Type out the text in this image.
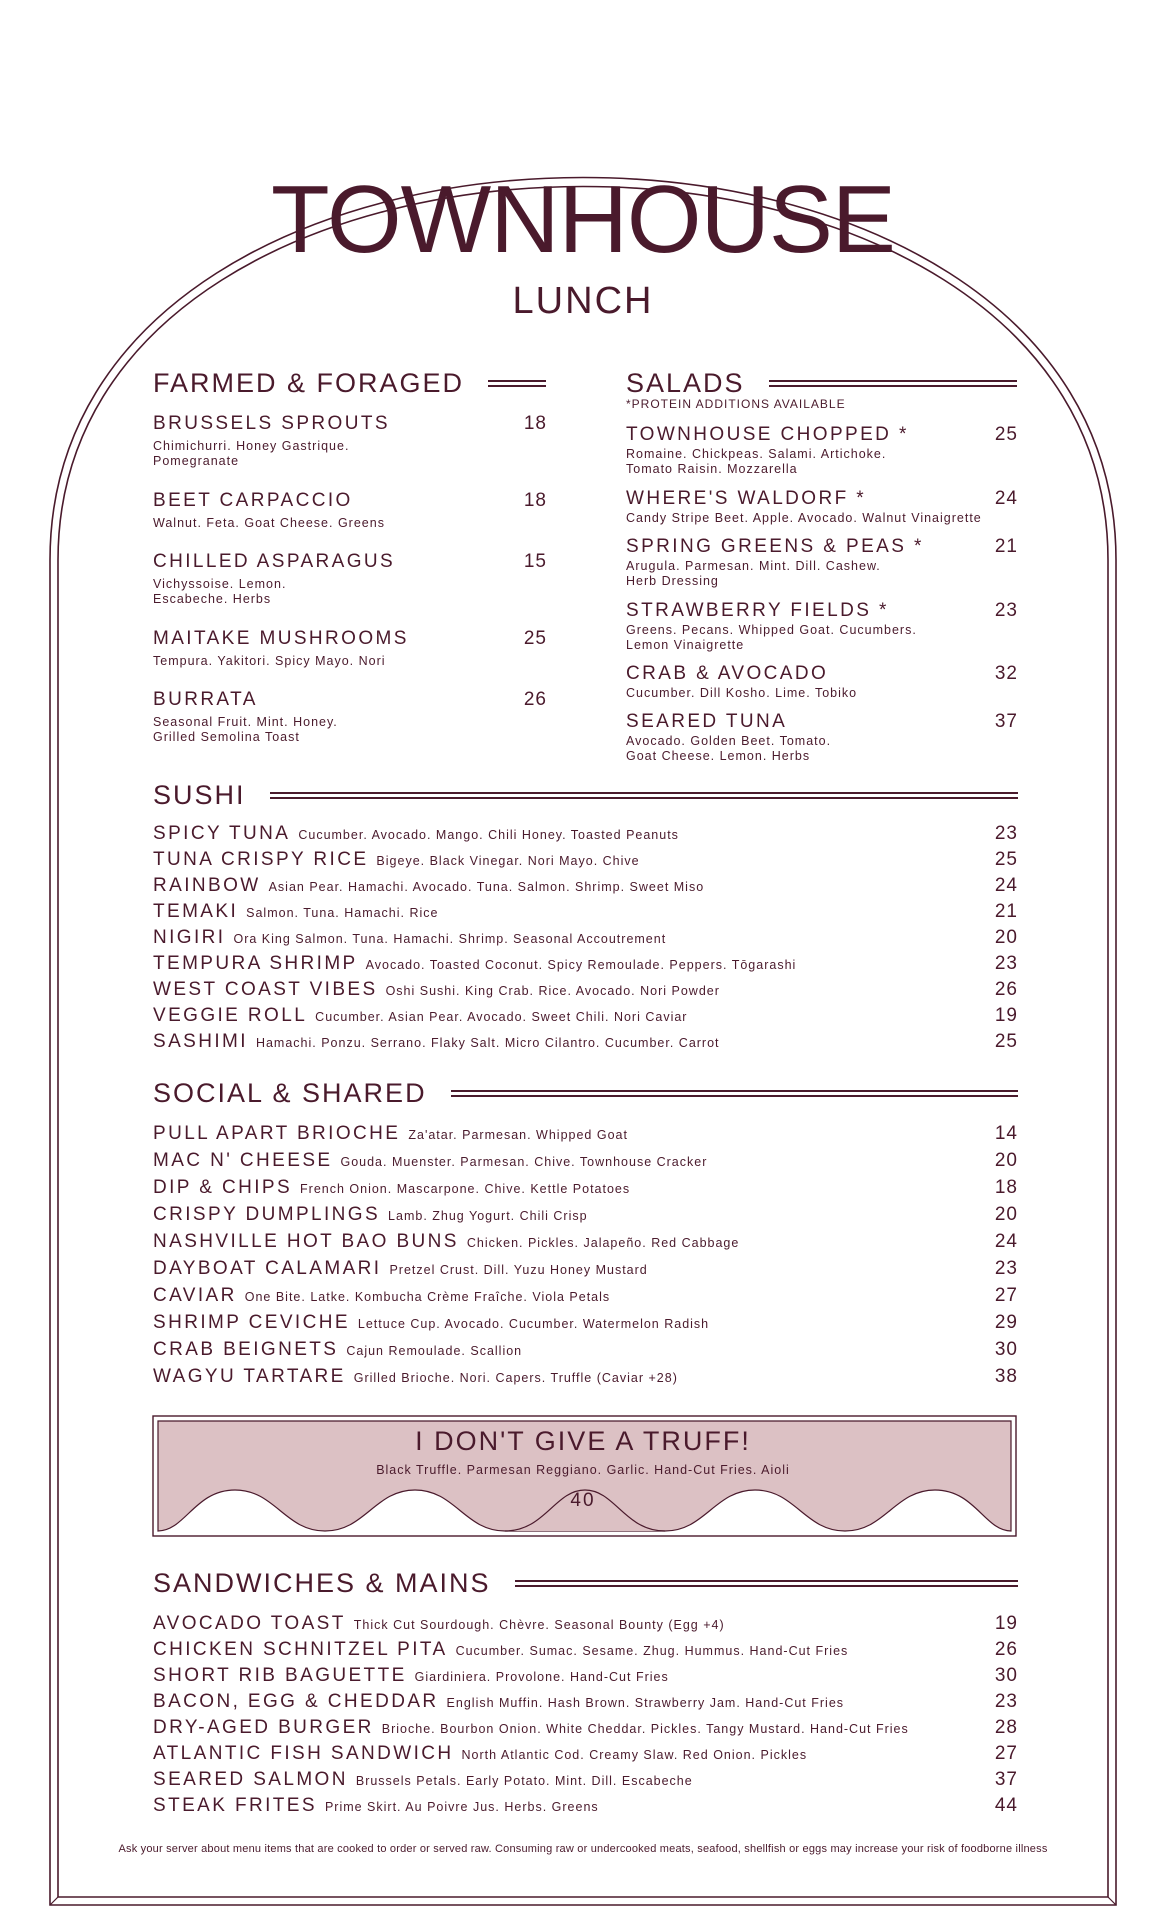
TOWNHOUSE
LUNCH
FARMED & FORAGED
BRUSSELS SPROUTS
Chimichurri. Honey Gastrique. Pomegranate
18
BEET CARPACCIO
Walnut. Feta. Goat Cheese. Greens
18
CHILLED ASPARAGUS
Vichyssoise. Lemon. Escabeche. Herbs
15
MAITAKE MUSHROOMS
Tempura. Yakitori. Spicy Mayo. Nori
25
BURRATA
Seasonal Fruit. Mint. Honey. Grilled Semolina Toast
26
SALADS
*PROTEIN ADDITIONS AVAILABLE
TOWNHOUSE CHOPPED *
Romaine. Chickpeas. Salami. Artichoke. Tomato Raisin. Mozzarella
25
WHERE'S WALDORF *
Candy Stripe Beet. Apple. Avocado. Walnut Vinaigrette
24
SPRING GREENS & PEAS *
Arugula. Parmesan. Mint. Dill. Cashew. Herb Dressing
21
STRAWBERRY FIELDS *
Greens. Pecans. Whipped Goat. Cucumbers. Lemon Vinaigrette
23
CRAB & AVOCADO
Cucumber. Dill Kosho. Lime. Tobiko
32
SEARED TUNA
Avocado. Golden Beet. Tomato. Goat Cheese. Lemon. Herbs
37
SUSHI
SPICY TUNA Cucumber. Avocado. Mango. Chili Honey. Toasted Peanuts	23
TUNA CRISPY RICE Bigeye. Black Vinegar. Nori Mayo. Chive	25
RAINBOW Asian Pear. Hamachi. Avocado. Tuna. Salmon. Shrimp. Sweet Miso	24
TEMAKI Salmon. Tuna. Hamachi. Rice	21
NIGIRI Ora King Salmon. Tuna. Hamachi. Shrimp. Seasonal Accoutrement	20
TEMPURA SHRIMP Avocado. Toasted Coconut. Spicy Remoulade. Peppers. Tōgarashi	23
WEST COAST VIBES Oshi Sushi. King Crab. Rice. Avocado. Nori Powder	26
VEGGIE ROLL Cucumber. Asian Pear. Avocado. Sweet Chili. Nori Caviar	19
SASHIMI Hamachi. Ponzu. Serrano. Flaky Salt. Micro Cilantro. Cucumber. Carrot	25
SOCIAL & SHARED
PULL APART BRIOCHE Za'atar. Parmesan. Whipped Goat	14
MAC N' CHEESE Gouda. Muenster. Parmesan. Chive. Townhouse Cracker	20
DIP & CHIPS French Onion. Mascarpone. Chive. Kettle Potatoes	18
CRISPY DUMPLINGS Lamb. Zhug Yogurt. Chili Crisp	20
NASHVILLE HOT BAO BUNS Chicken. Pickles. Jalapeño. Red Cabbage	24
DAYBOAT CALAMARI Pretzel Crust. Dill. Yuzu Honey Mustard	23
CAVIAR One Bite. Latke. Kombucha Crème Fraîche. Viola Petals	27
SHRIMP CEVICHE Lettuce Cup. Avocado. Cucumber. Watermelon Radish	29
CRAB BEIGNETS Cajun Remoulade. Scallion	30
WAGYU TARTARE Grilled Brioche. Nori. Capers. Truffle (Caviar +28)	38
I DON'T GIVE A TRUFF!
Black Truffle. Parmesan Reggiano. Garlic. Hand-Cut Fries. Aioli
40
SANDWICHES & MAINS
AVOCADO TOAST Thick Cut Sourdough. Chèvre. Seasonal Bounty (Egg +4)	19
CHICKEN SCHNITZEL PITA Cucumber. Sumac. Sesame. Zhug. Hummus. Hand-Cut Fries	26
SHORT RIB BAGUETTE Giardiniera. Provolone. Hand-Cut Fries	30
BACON, EGG & CHEDDAR English Muffin. Hash Brown. Strawberry Jam. Hand-Cut Fries	23
DRY-AGED BURGER Brioche. Bourbon Onion. White Cheddar. Pickles. Tangy Mustard. Hand-Cut Fries	28
ATLANTIC FISH SANDWICH North Atlantic Cod. Creamy Slaw. Red Onion. Pickles	27
SEARED SALMON Brussels Petals. Early Potato. Mint. Dill. Escabeche	37
STEAK FRITES Prime Skirt. Au Poivre Jus. Herbs. Greens	44
Ask your server about menu items that are cooked to order or served raw. Consuming raw or undercooked meats, seafood, shellfish or eggs may increase your risk of foodborne illness
